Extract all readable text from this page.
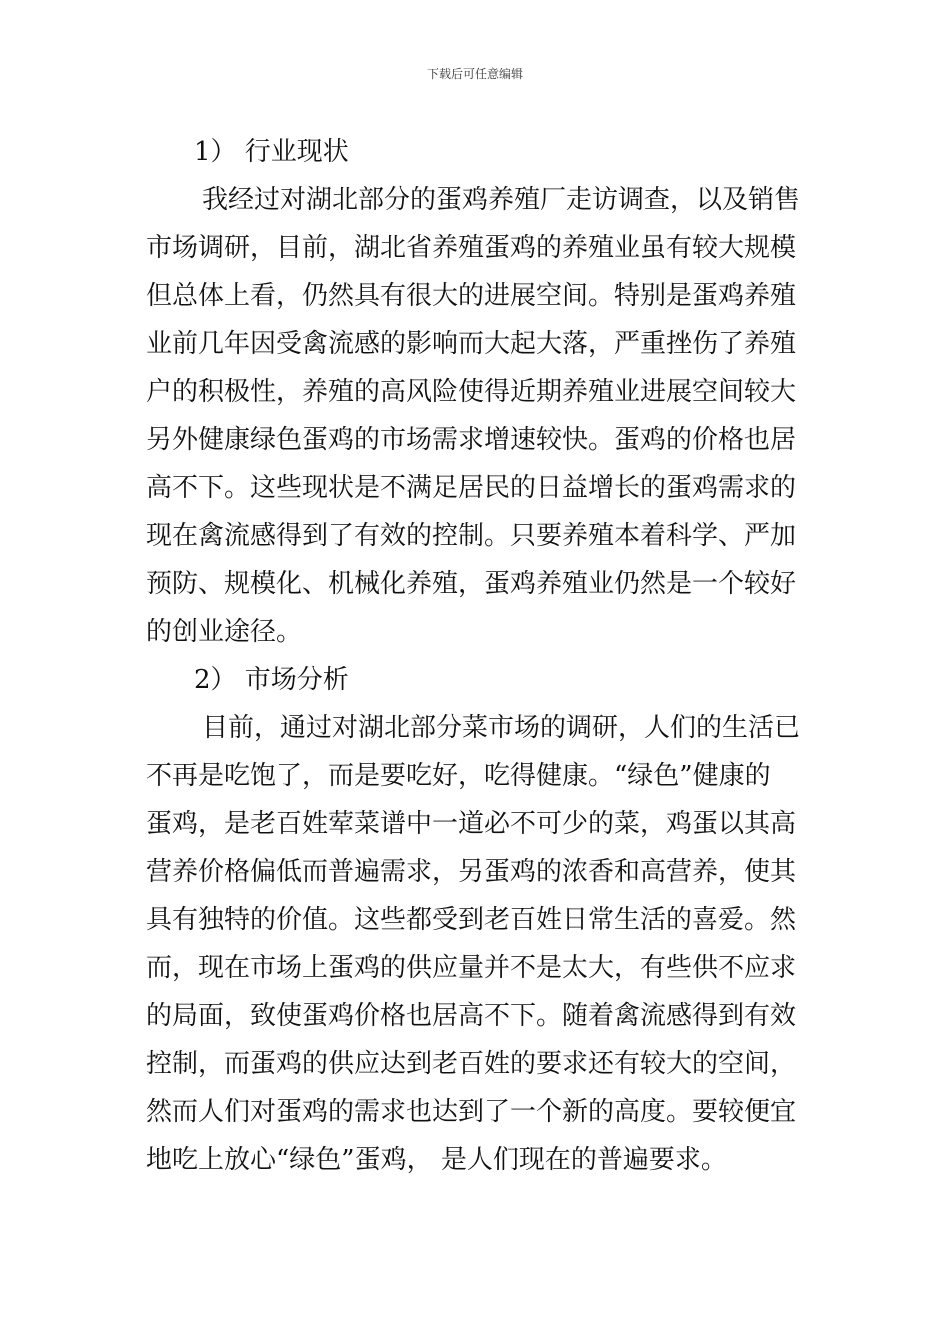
下载后可任意编辑
1） 行业现状
我经过对湖北部分的蛋鸡养殖厂走访调查，以及销售
市场调研，目前，湖北省养殖蛋鸡的养殖业虽有较大规模
但总体上看，仍然具有很大的进展空间。特别是蛋鸡养殖
业前几年因受禽流感的影响而大起大落，严重挫伤了养殖
户的积极性，养殖的高风险使得近期养殖业进展空间较大
另外健康绿色蛋鸡的市场需求增速较快。蛋鸡的价格也居
高不下。这些现状是不满足居民的日益增长的蛋鸡需求的
现在禽流感得到了有效的控制。只要养殖本着科学、严加
预防、规模化、机械化养殖，蛋鸡养殖业仍然是一个较好
的创业途径。
2） 市场分析
目前，通过对湖北部分菜市场的调研，人们的生活已
不再是吃饱了，而是要吃好，吃得健康。“绿色”健康的
蛋鸡，是老百姓荤菜谱中一道必不可少的菜，鸡蛋以其高
营养价格偏低而普遍需求，另蛋鸡的浓香和高营养，使其
具有独特的价值。这些都受到老百姓日常生活的喜爱。然
而，现在市场上蛋鸡的供应量并不是太大，有些供不应求
的局面，致使蛋鸡价格也居高不下。随着禽流感得到有效
控制，而蛋鸡的供应达到老百姓的要求还有较大的空间，
然而人们对蛋鸡的需求也达到了一个新的高度。要较便宜
地吃上放心“绿色”蛋鸡， 是人们现在的普遍要求。
